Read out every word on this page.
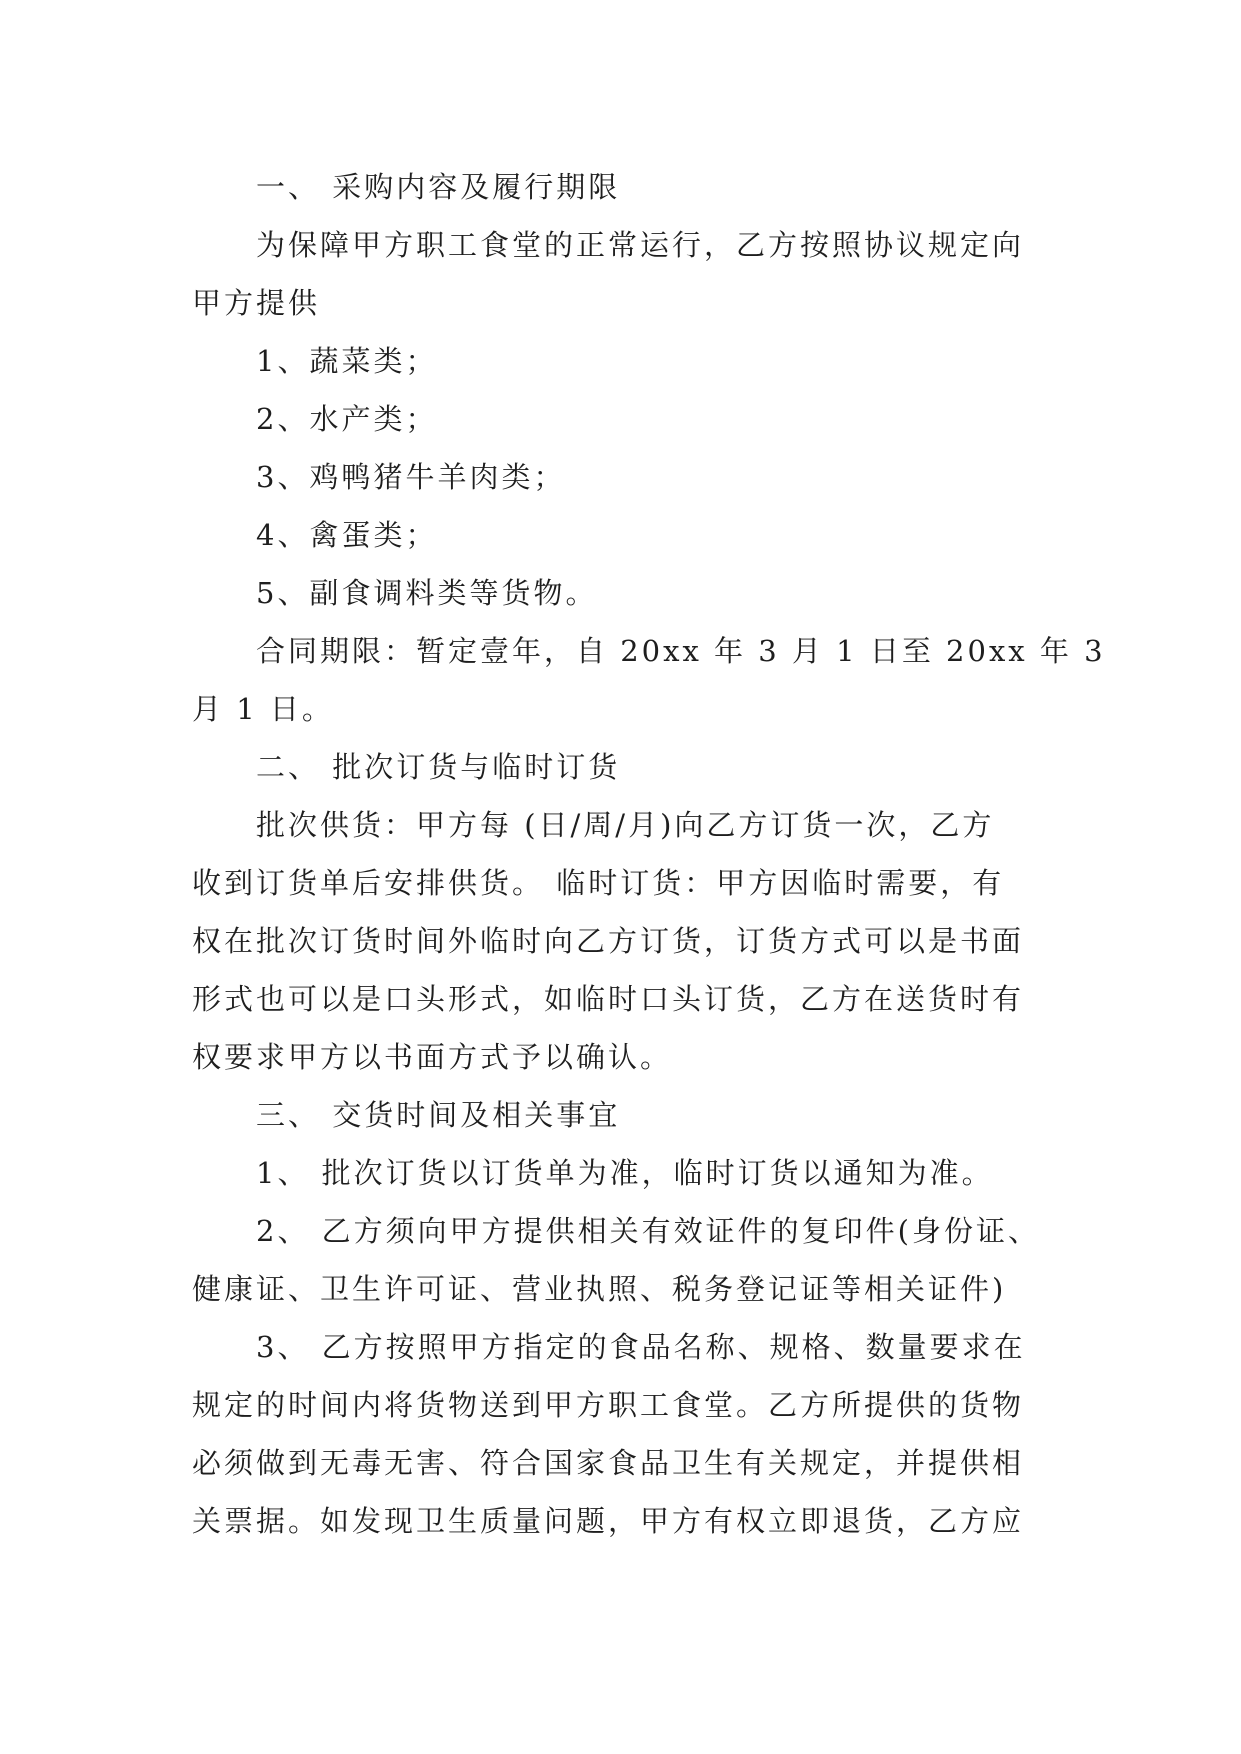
一、 采购内容及履行期限
为保障甲方职工食堂的正常运行，乙方按照协议规定向
甲方提供
1、蔬菜类；
2、水产类；
3、鸡鸭猪牛羊肉类；
4、禽蛋类；
5、副食调料类等货物。
合同期限：暂定壹年，自 20xx 年 3 月 1 日至 20xx 年 3
月 1 日。
二、 批次订货与临时订货
批次供货：甲方每 (日/周/月)向乙方订货一次，乙方
收到订货单后安排供货。 临时订货：甲方因临时需要，有
权在批次订货时间外临时向乙方订货，订货方式可以是书面
形式也可以是口头形式，如临时口头订货，乙方在送货时有
权要求甲方以书面方式予以确认。
三、 交货时间及相关事宜
1、 批次订货以订货单为准，临时订货以通知为准。
2、 乙方须向甲方提供相关有效证件的复印件(身份证、
健康证、卫生许可证、营业执照、税务登记证等相关证件)
3、 乙方按照甲方指定的食品名称、规格、数量要求在
规定的时间内将货物送到甲方职工食堂。乙方所提供的货物
必须做到无毒无害、符合国家食品卫生有关规定，并提供相
关票据。如发现卫生质量问题，甲方有权立即退货，乙方应
